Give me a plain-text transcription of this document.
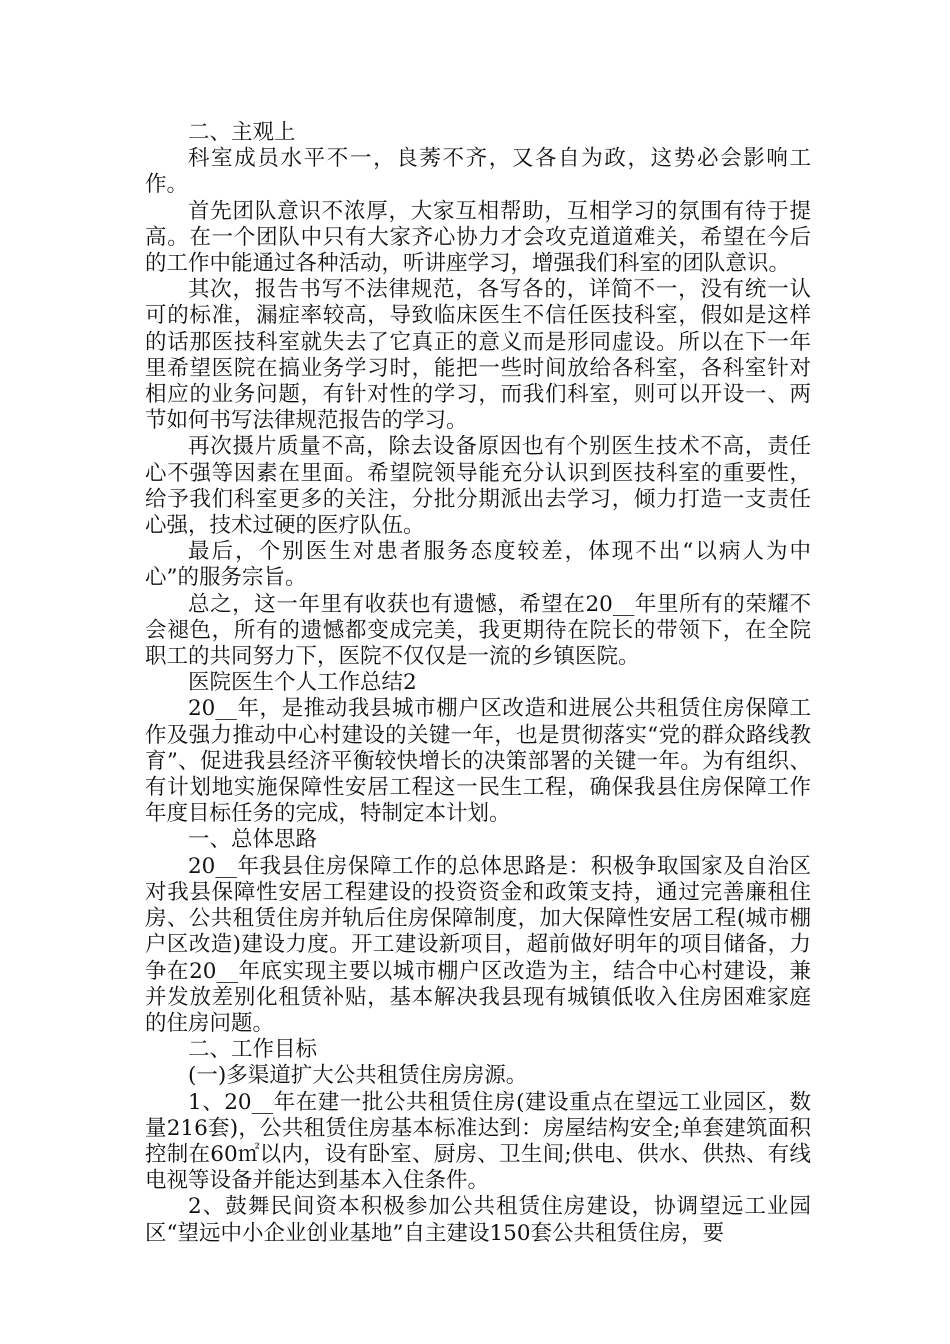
二、主观上

科室成员水平不一，良莠不齐，又各自为政，这势必会影响工作。

首先团队意识不浓厚，大家互相帮助，互相学习的氛围有待于提高。在一个团队中只有大家齐心协力才会攻克道道难关，希望在今后的工作中能通过各种活动，听讲座学习，增强我们科室的团队意识。

其次，报告书写不法律规范，各写各的，详简不一，没有统一认可的标准，漏症率较高，导致临床医生不信任医技科室，假如是这样的话那医技科室就失去了它真正的意义而是形同虚设。所以在下一年里希望医院在搞业务学习时，能把一些时间放给各科室，各科室针对相应的业务问题，有针对性的学习，而我们科室，则可以开设一、两节如何书写法律规范报告的学习。

再次摄片质量不高，除去设备原因也有个别医生技术不高，责任心不强等因素在里面。希望院领导能充分认识到医技科室的重要性，给予我们科室更多的关注，分批分期派出去学习，倾力打造一支责任心强，技术过硬的医疗队伍。

最后，个别医生对患者服务态度较差，体现不出“以病人为中心”的服务宗旨。

总之，这一年里有收获也有遗憾，希望在20__年里所有的荣耀不会褪色，所有的遗憾都变成完美，我更期待在院长的带领下，在全院职工的共同努力下，医院不仅仅是一流的乡镇医院。

医院医生个人工作总结2

20__年，是推动我县城市棚户区改造和进展公共租赁住房保障工作及强力推动中心村建设的关键一年，也是贯彻落实“党的群众路线教育”、促进我县经济平衡较快增长的决策部署的关键一年。为有组织、有计划地实施保障性安居工程这一民生工程，确保我县住房保障工作年度目标任务的完成，特制定本计划。

一、总体思路

20__年我县住房保障工作的总体思路是：积极争取国家及自治区对我县保障性安居工程建设的投资资金和政策支持，通过完善廉租住房、公共租赁住房并轨后住房保障制度，加大保障性安居工程(城市棚户区改造)建设力度。开工建设新项目，超前做好明年的项目储备，力争在20__年底实现主要以城市棚户区改造为主，结合中心村建设，兼并发放差别化租赁补贴，基本解决我县现有城镇低收入住房困难家庭的住房问题。

二、工作目标

(一)多渠道扩大公共租赁住房房源。

1、20__年在建一批公共租赁住房(建设重点在望远工业园区，数量216套)，公共租赁住房基本标准达到：房屋结构安全;单套建筑面积控制在60㎡以内，设有卧室、厨房、卫生间;供电、供水、供热、有线电视等设备并能达到基本入住条件。

2、鼓舞民间资本积极参加公共租赁住房建设，协调望远工业园区“望远中小企业创业基地”自主建设150套公共租赁住房，要
